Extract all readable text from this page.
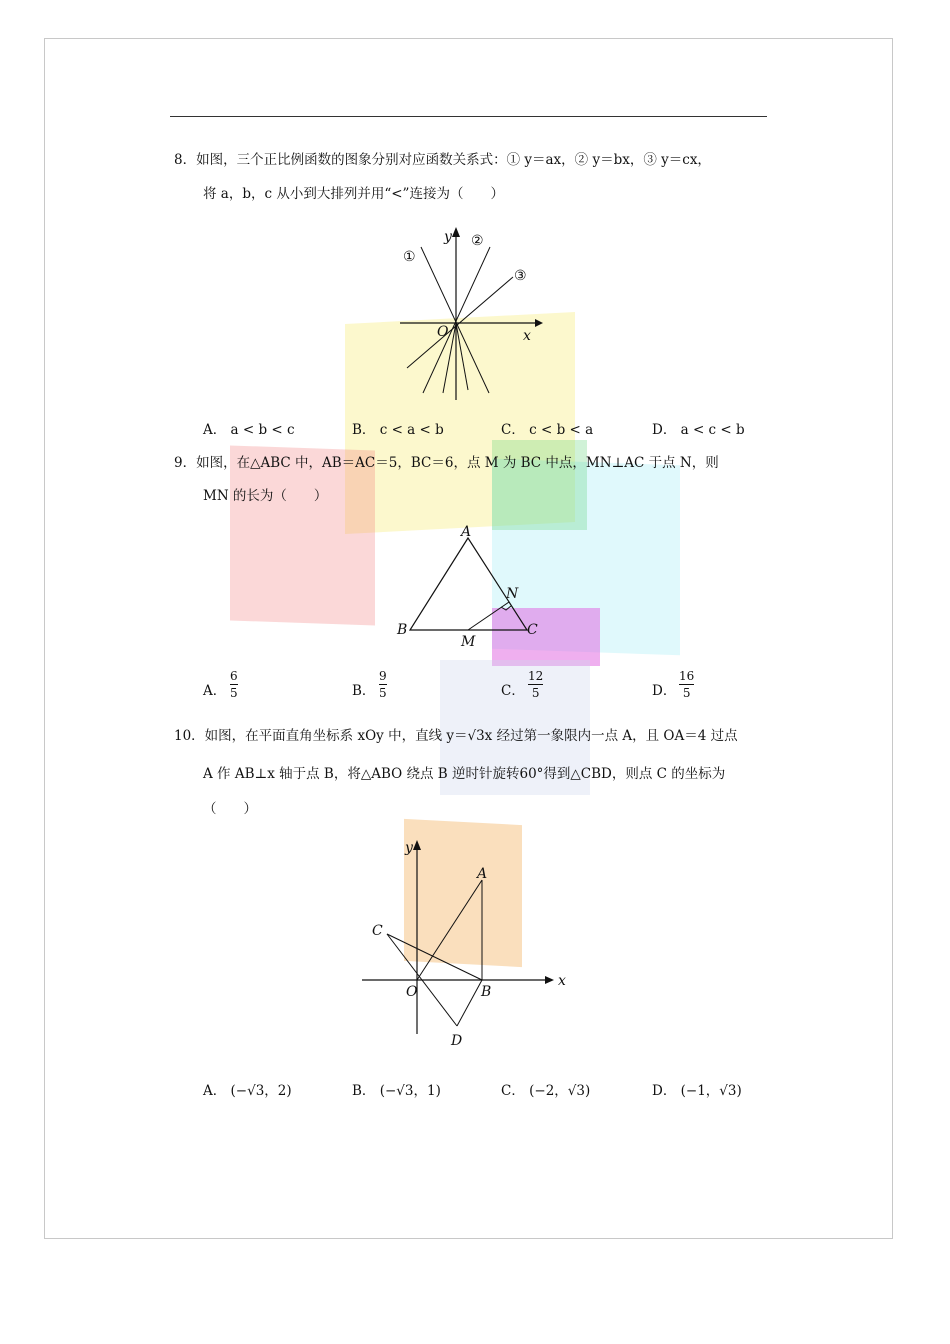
8．如图，三个正比例函数的图象分别对应函数关系式：① y＝ax，② y＝bx，③ y＝cx，
将 a，b，c 从小到大排列并用“<”连接为（　　）
y
x
O
①
②
③
A． a < b < c	B． c < a < b	C． c < b < a	D． a < c < b
9．如图，在△ABC 中，AB＝AC＝5，BC＝6，点 M 为 BC 中点，MN⊥AC 于点 N，则
MN 的长为（　　）
A
B	C
M
N
A．
6
5	B．
9
5	C．
12
5	D．
16
5
10．如图，在平面直角坐标系 xOy 中，直线 y＝√3x 经过第一象限内一点 A，且 OA＝4 过点
A 作 AB⊥x 轴于点 B，将△ABO 绕点 B 逆时针旋转60°得到△CBD，则点 C 的坐标为
（　　）
y
x
O
A
B
C
D
A． (−√3，2)	B． (−√3，1)	C． (−2，√3)	D． (−1，√3)
